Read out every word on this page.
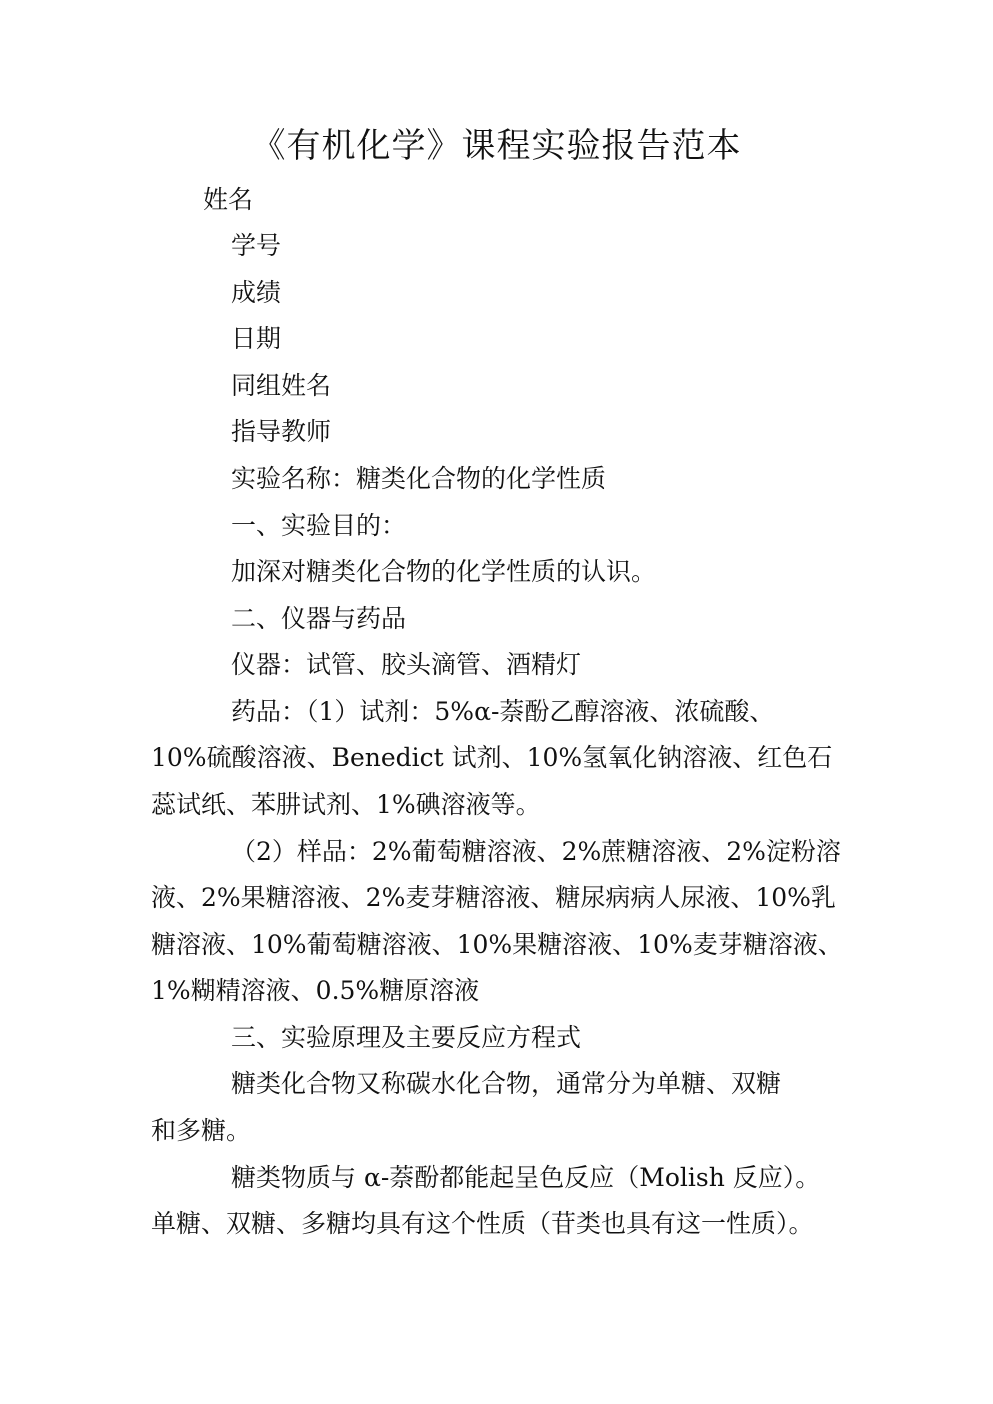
《有机化学》课程实验报告范本
姓名
学号
成绩
日期
同组姓名
指导教师
实验名称：糖类化合物的化学性质
一、实验目的：
加深对糖类化合物的化学性质的认识。
二、仪器与药品
仪器：试管、胶头滴管、酒精灯
药品：（1）试剂：5%α-萘酚乙醇溶液、浓硫酸、
10%硫酸溶液、Benedict 试剂、10%氢氧化钠溶液、红色石
蕊试纸、苯肼试剂、1%碘溶液等。
（2）样品：2%葡萄糖溶液、2%蔗糖溶液、2%淀粉溶
液、2%果糖溶液、2%麦芽糖溶液、糖尿病病人尿液、10%乳
糖溶液、10%葡萄糖溶液、10%果糖溶液、10%麦芽糖溶液、
1%糊精溶液、0.5%糖原溶液
三、实验原理及主要反应方程式
糖类化合物又称碳水化合物，通常分为单糖、双糖
和多糖。
糖类物质与 α-萘酚都能起呈色反应（Molish 反应）。
单糖、双糖、多糖均具有这个性质（苷类也具有这一性质）。
